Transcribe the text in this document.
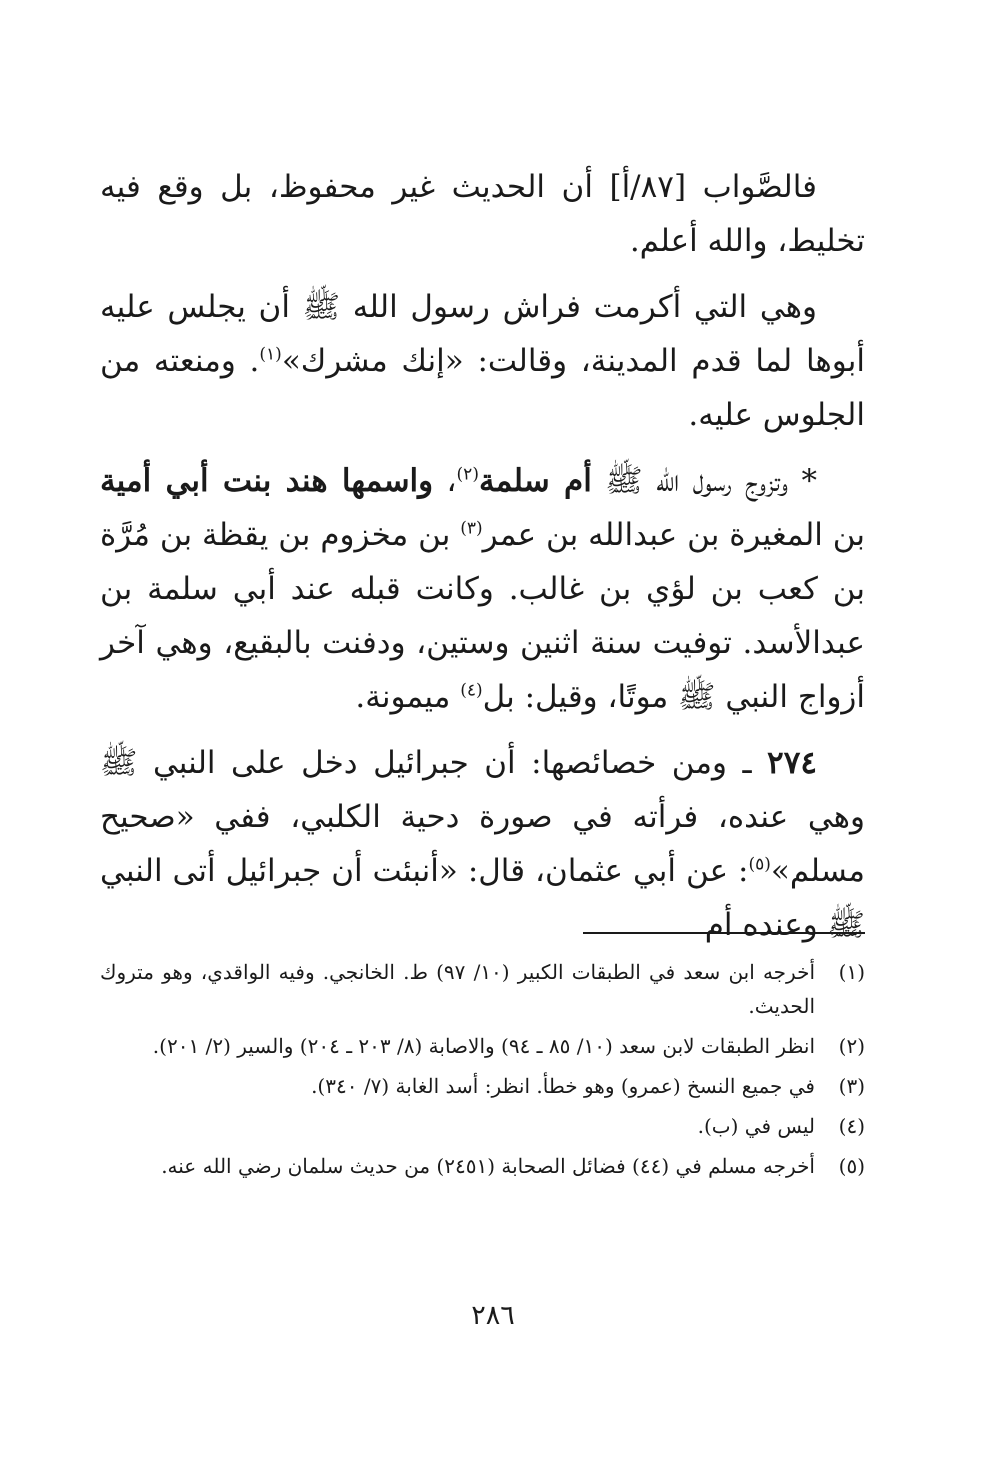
فالصَّواب [٨٧/أ] أن الحديث غير محفوظ، بل وقع فيه تخليط، والله أعلم.

وهي التي أكرمت فراش رسول الله ﷺ أن يجلس عليه أبوها لما قدم المدينة، وقالت: «إنك مشرك»$^{(١)}$. ومنعته من الجلوس عليه.

* وتزوج رسول الله ﷺ أم سلمة$^{(٢)}$، واسمها هند بنت أبي أمية بن المغيرة بن عبدالله بن عمر$^{(٣)}$ بن مخزوم بن يقظة بن مُرَّة بن كعب بن لؤي بن غالب. وكانت قبله عند أبي سلمة بن عبدالأسد. توفيت سنة اثنين وستين، ودفنت بالبقيع، وهي آخر أزواج النبي ﷺ موتًا، وقيل: بل$^{(٤)}$ ميمونة.

٢٧٤ ـ ومن خصائصها: أن جبرائيل دخل على النبي ﷺ وهي عنده، فرأته في صورة دحية الكلبي، ففي «صحيح مسلم»$^{(٥)}$: عن أبي عثمان، قال: «أنبئت أن جبرائيل أتى النبي ﷺ وعنده أم

(١)
أخرجه ابن سعد في الطبقات الكبير (١٠/ ٩٧) ط. الخانجي. وفيه الواقدي، وهو متروك الحديث.
(٢)
انظر الطبقات لابن سعد (١٠/ ٨٥ ـ ٩٤) والاصابة (٨/ ٢٠٣ ـ ٢٠٤) والسير (٢/ ٢٠١).
(٣)
في جميع النسخ (عمرو) وهو خطأ. انظر: أسد الغابة (٧/ ٣٤٠).
(٤)
ليس في (ب).
(٥)
أخرجه مسلم في (٤٤) فضائل الصحابة (٢٤٥١) من حديث سلمان رضي الله عنه.
٢٨٦
